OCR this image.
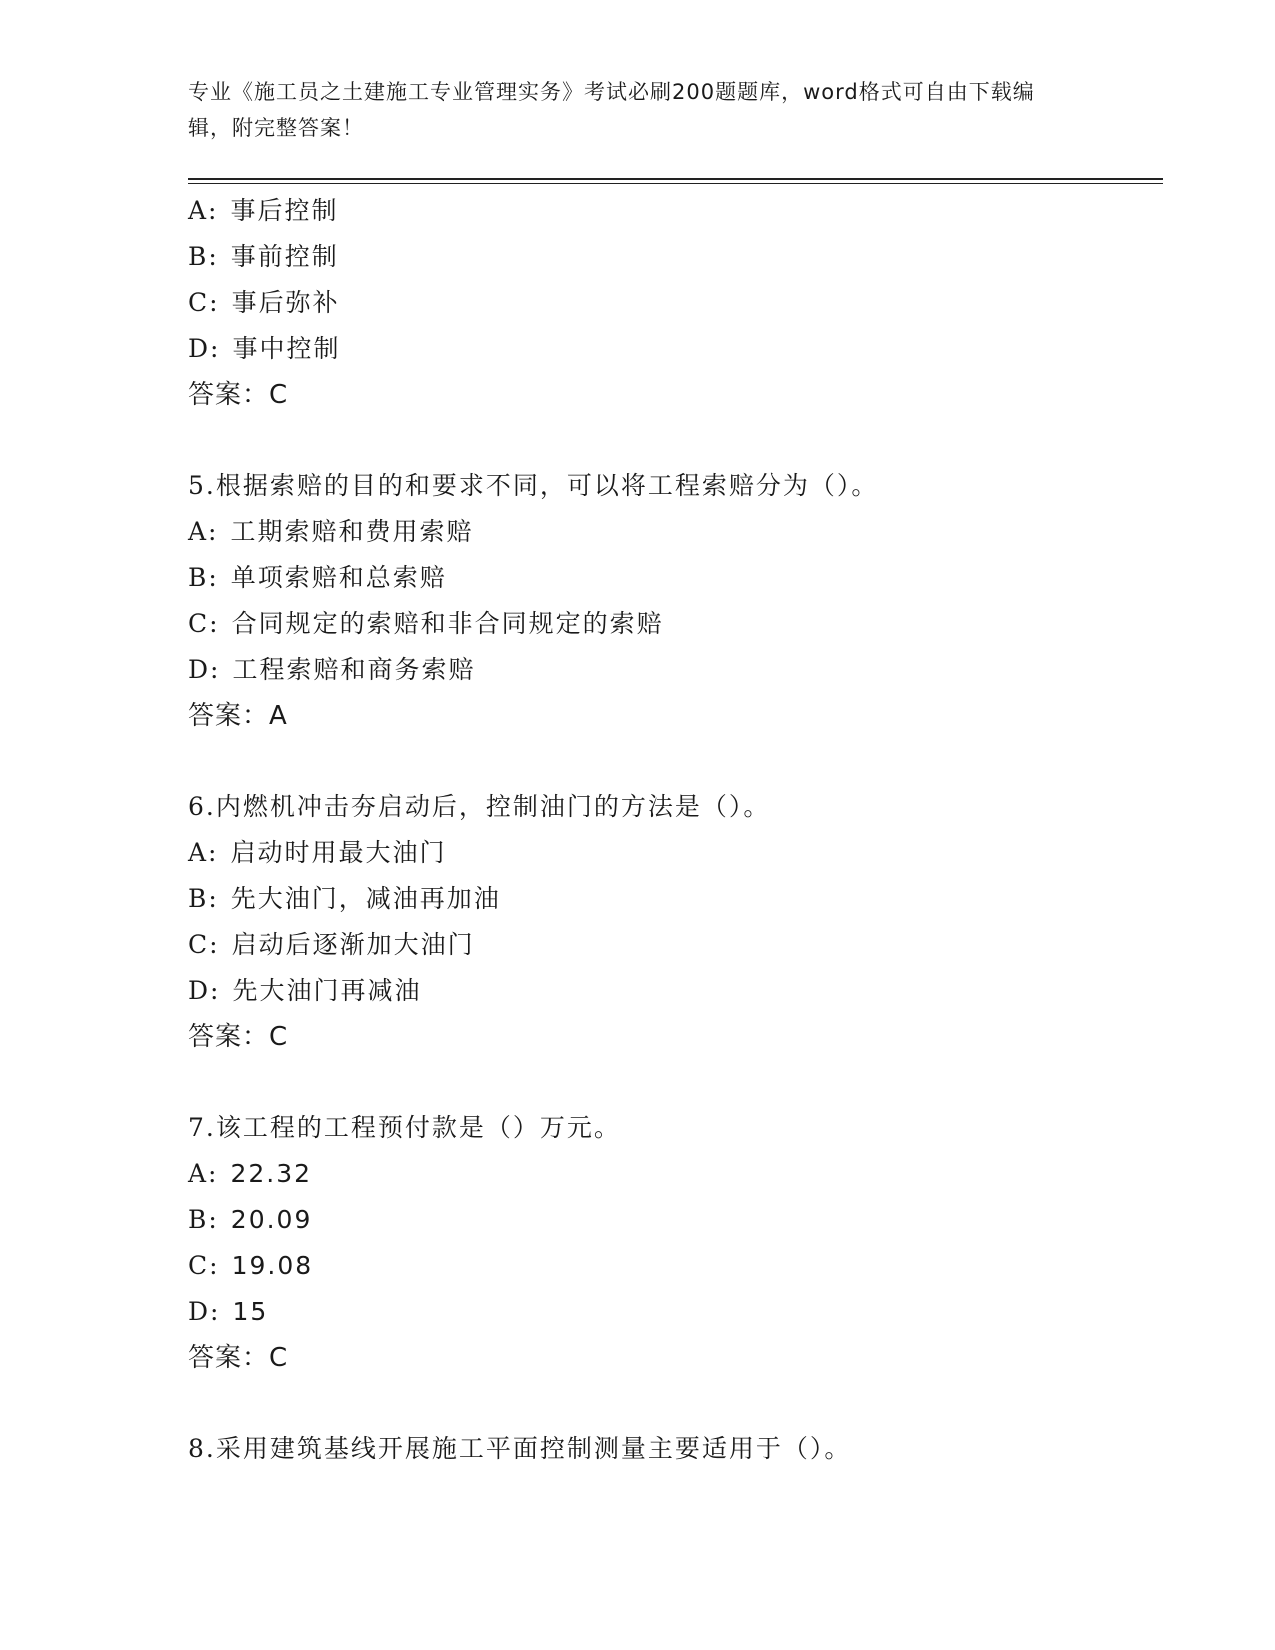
专业《施工员之土建施工专业管理实务》考试必刷200题题库，word格式可自由下载编辑，附完整答案！
A: 事后控制
B: 事前控制
C: 事后弥补
D: 事中控制
答案：C
5.根据索赔的目的和要求不同，可以将工程索赔分为（）。
A: 工期索赔和费用索赔
B: 单项索赔和总索赔
C: 合同规定的索赔和非合同规定的索赔
D: 工程索赔和商务索赔
答案：A
6.内燃机冲击夯启动后，控制油门的方法是（）。
A: 启动时用最大油门
B: 先大油门，减油再加油
C: 启动后逐渐加大油门
D: 先大油门再减油
答案：C
7.该工程的工程预付款是（）万元。
A: 22.32
B: 20.09
C: 19.08
D: 15
答案：C
8.采用建筑基线开展施工平面控制测量主要适用于（）。
